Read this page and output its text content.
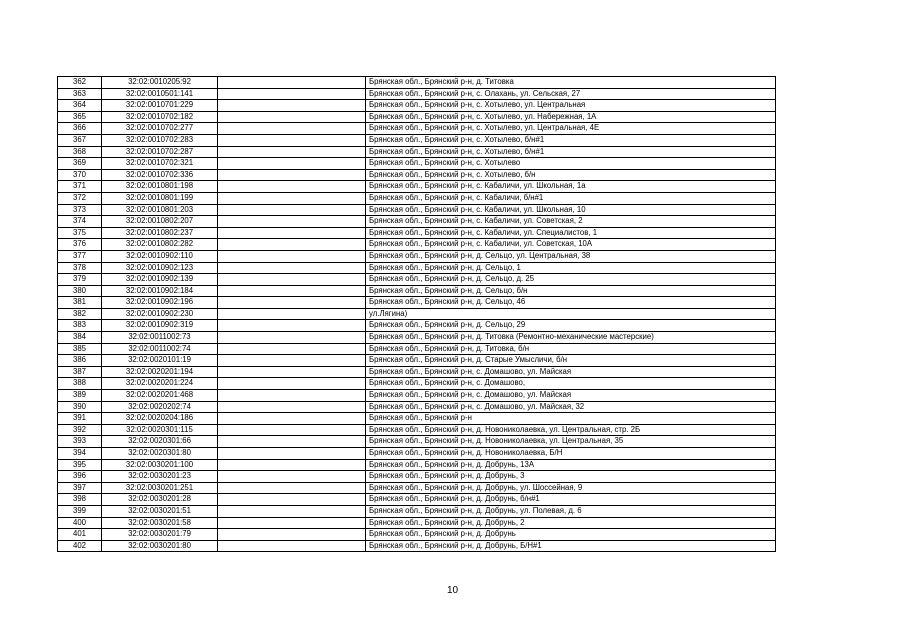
362	32:02:0010205:92		Брянская обл., Брянский р-н, д. Титовка
363	32:02:0010501:141		Брянская обл., Брянский р-н, с. Олахань, ул. Сельская, 27
364	32:02:0010701:229		Брянская обл., Брянский р-н, с. Хотылево, ул. Центральная
365	32:02:0010702:182		Брянская обл., Брянский р-н, с. Хотылево, ул. Набережная, 1А
366	32:02:0010702:277		Брянская обл., Брянский р-н, с. Хотылево, ул. Центральная, 4Е
367	32:02:0010702:283		Брянская обл., Брянский р-н, с. Хотылево, б/н#1
368	32:02:0010702:287		Брянская обл., Брянский р-н, с. Хотылево, б/н#1
369	32:02:0010702:321		Брянская обл., Брянский р-н, с. Хотылево
370	32:02:0010702:336		Брянская обл., Брянский р-н, с. Хотылево, б/н
371	32:02:0010801:198		Брянская обл., Брянский р-н, с. Кабаличи, ул. Школьная, 1а
372	32:02:0010801:199		Брянская обл., Брянский р-н, с. Кабаличи, б/н#1
373	32:02:0010801:203		Брянская обл., Брянский р-н, с. Кабаличи, ул. Школьная, 10
374	32:02:0010802:207		Брянская обл., Брянский р-н, с. Кабаличи, ул. Советская, 2
375	32:02:0010802:237		Брянская обл., Брянский р-н, с. Кабаличи, ул. Специалистов, 1
376	32:02:0010802:282		Брянская обл., Брянский р-н, с. Кабаличи, ул. Советская, 10А
377	32:02:0010902:110		Брянская обл., Брянский р-н, д. Сельцо, ул. Центральная, 38
378	32:02:0010902:123		Брянская обл., Брянский р-н, д. Сельцо, 1
379	32:02:0010902:139		Брянская обл., Брянский р-н, д. Сельцо, д. 25
380	32:02:0010902:184		Брянская обл., Брянский р-н, д. Сельцо, б/н
381	32:02:0010902:196		Брянская обл., Брянский р-н, д. Сельцо, 46
382	32:02:0010902:230		ул.Лягина)
383	32:02:0010902:319		Брянская обл., Брянский р-н, д. Сельцо, 29
384	32:02:0011002:73		Брянская обл., Брянский р-н, д. Титовка (Ремонтно-механические мастерские)
385	32:02:0011002:74		Брянская обл., Брянский р-н, д. Титовка, б/н
386	32:02:0020101:19		Брянская обл., Брянский р-н, д. Старые Умысличи, б/н
387	32:02:0020201:194		Брянская обл., Брянский р-н, с. Домашово, ул. Майская
388	32:02:0020201:224		Брянская обл., Брянский р-н, с. Домашово,
389	32:02:0020201:468		Брянская обл., Брянский р-н, с. Домашово, ул. Майская
390	32:02:0020202:74		Брянская обл., Брянский р-н, с. Домашово, ул. Майская, 32
391	32:02:0020204:186		Брянская обл., Брянский р-н
392	32:02:0020301:115		Брянская обл., Брянский р-н, д. Новониколаевка, ул. Центральная, стр. 2Б
393	32:02:0020301:66		Брянская обл., Брянский р-н, д. Новониколаевка, ул. Центральная, 35
394	32:02:0020301:80		Брянская обл., Брянский р-н, д. Новониколаевка, Б/Н
395	32:02:0030201:100		Брянская обл., Брянский р-н, д. Добрунь, 13А
396	32:02:0030201:23		Брянская обл., Брянский р-н, д. Добрунь, 3
397	32:02:0030201:251		Брянская обл., Брянский р-н, д. Добрунь, ул. Шоссейная, 9
398	32:02:0030201:28		Брянская обл., Брянский р-н, д. Добрунь, б/н#1
399	32:02:0030201:51		Брянская обл., Брянский р-н, д. Добрунь, ул. Полевая, д. 6
400	32:02:0030201:58		Брянская обл., Брянский р-н, д. Добрунь, 2
401	32:02:0030201:79		Брянская обл., Брянский р-н, д. Добрунь
402	32:02:0030201:80		Брянская обл., Брянский р-н, д. Добрунь, Б/Н#1
10
